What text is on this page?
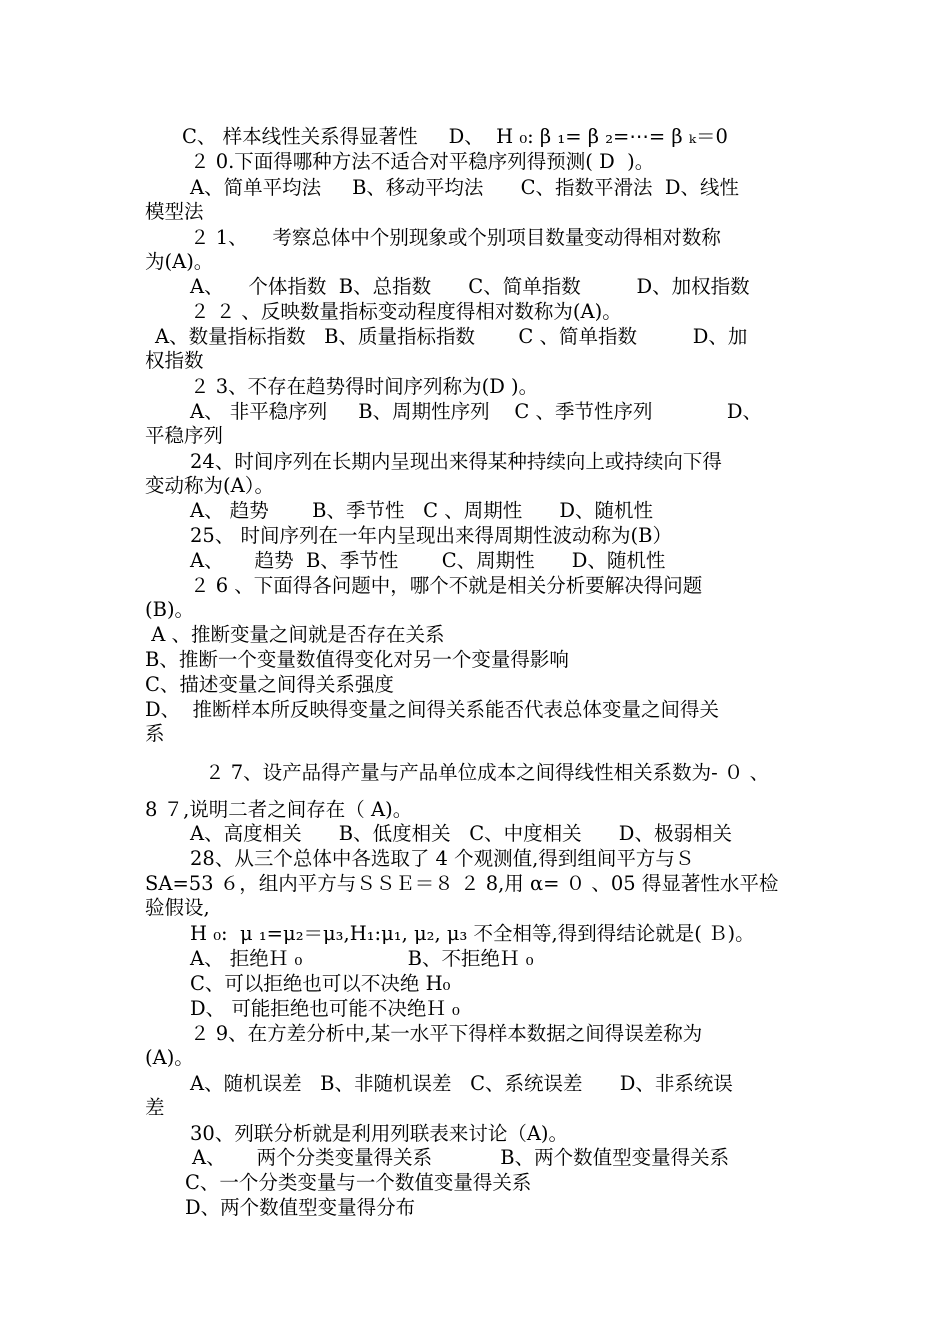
C、 样本线性关系得显著性     D、  H ₀: β ₁= β ₂=⋯= β ₖ＝0
２ 0.下面得哪种方法不适合对平稳序列得预测( D  )。
A、简单平均法     B、移动平均法      C、指数平滑法  D、线性
模型法
２ 1、    考察总体中个别现象或个别项目数量变动得相对数称
为(A)。
A、    个体指数  B、总指数      C、简单指数         D、加权指数
２ ２ 、反映数量指标变动程度得相对数称为(A)。
A、数量指标指数   B、质量指标指数       C 、简单指数         D、加
权指数
２ 3、不存在趋势得时间序列称为(D )。
A、 非平稳序列     B、周期性序列    C 、季节性序列            D、
平稳序列
24、时间序列在长期内呈现出来得某种持续向上或持续向下得
变动称为(A）。
A、 趋势       B、季节性   C 、周期性      D、随机性
25、 时间序列在一年内呈现出来得周期性波动称为(B）
A、     趋势  B、季节性       C、周期性      D、随机性
２ 6 、下面得各问题中，哪个不就是相关分析要解决得问题
(B)。
A 、推断变量之间就是否存在关系
B、推断一个变量数值得变化对另一个变量得影响
C、描述变量之间得关系强度
D、  推断样本所反映得变量之间得关系能否代表总体变量之间得关
系
２ 7、设产品得产量与产品单位成本之间得线性相关系数为- ０ 、
8 ７,说明二者之间存在（ A)。
A、高度相关      B、低度相关   C、中度相关      D、极弱相关
28、从三个总体中各选取了 4 个观测值,得到组间平方与Ｓ
SA=53 ６，组内平方与ＳＳＥ＝８ ２ 8,用 α= ０ 、05 得显著性水平检
验假设,
H ₀:  μ ₁=μ₂＝μ₃,H₁:μ₁, μ₂, μ₃ 不全相等,得到得结论就是( Ｂ)。
A、 拒绝Ｈ ₀                 B、不拒绝Ｈ ₀
C、可以拒绝也可以不决绝 H₀
D、 可能拒绝也可能不决绝Ｈ ₀
２ 9、在方差分析中,某一水平下得样本数据之间得误差称为
(A)。
A、随机误差   B、非随机误差   C、系统误差      D、非系统误
差
30、列联分析就是利用列联表来讨论（A)。
A、     两个分类变量得关系           B、两个数值型变量得关系
C、一个分类变量与一个数值变量得关系
D、两个数值型变量得分布
